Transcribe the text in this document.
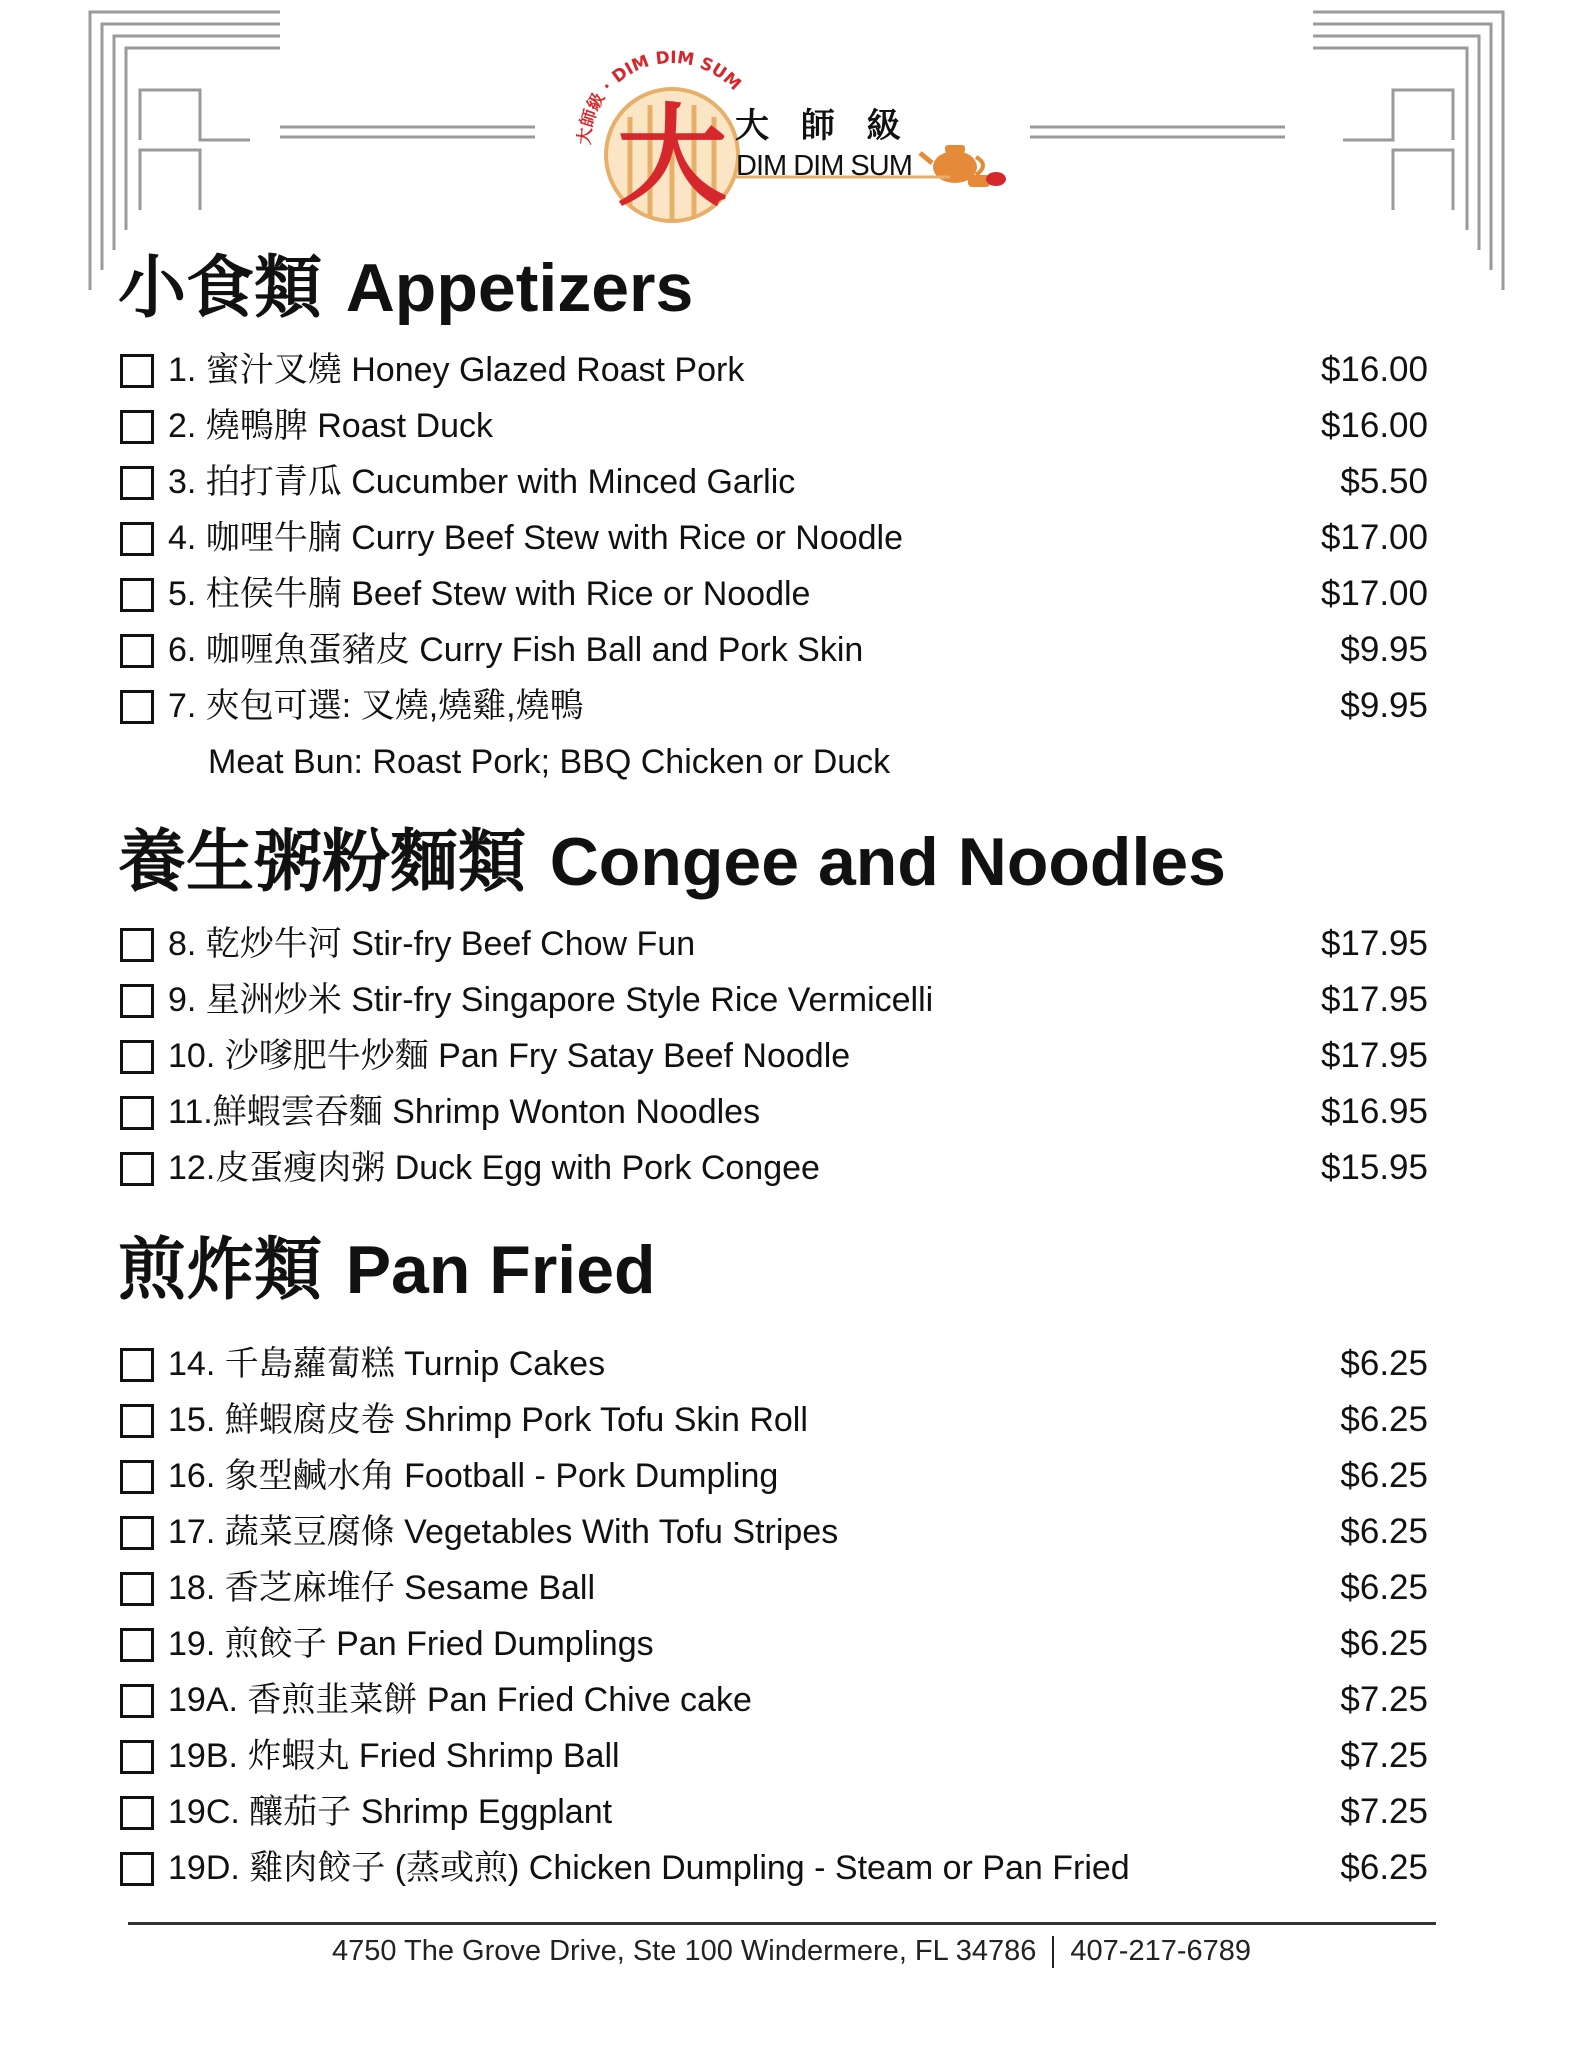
大
大師級 · DIM DIM SUM
大 師 級
DIM DIM SUM
小食類 Appetizers
1. 蜜汁叉燒 Honey Glazed Roast Pork	$16.00
2. 燒鴨脾 Roast Duck	$16.00
3. 拍打青瓜 Cucumber with Minced Garlic	$5.50
4. 咖哩牛腩 Curry Beef Stew with Rice or Noodle	$17.00
5. 柱侯牛腩 Beef Stew with Rice or Noodle	$17.00
6. 咖喱魚蛋豬皮 Curry Fish Ball and Pork Skin	$9.95
7. 夾包可選: 叉燒,燒雞,燒鴨	$9.95
Meat Bun: Roast Pork; BBQ Chicken or Duck
養生粥粉麵類 Congee and Noodles
8. 乾炒牛河 Stir-fry Beef Chow Fun	$17.95
9. 星洲炒米 Stir-fry Singapore Style Rice Vermicelli	$17.95
10. 沙嗲肥牛炒麵 Pan Fry Satay Beef Noodle	$17.95
11.鮮蝦雲吞麵 Shrimp Wonton Noodles	$16.95
12.皮蛋瘦肉粥 Duck Egg with Pork Congee	$15.95
煎炸類 Pan Fried
14. 千島蘿蔔糕 Turnip Cakes	$6.25
15. 鮮蝦腐皮卷 Shrimp Pork Tofu Skin Roll	$6.25
16. 象型鹹水角 Football - Pork Dumpling	$6.25
17. 蔬菜豆腐條 Vegetables With Tofu Stripes	$6.25
18. 香芝麻堆仔 Sesame Ball	$6.25
19. 煎餃子 Pan Fried Dumplings	$6.25
19A. 香煎韭菜餅 Pan Fried Chive cake	$7.25
19B. 炸蝦丸 Fried Shrimp Ball	$7.25
19C. 釀茄子 Shrimp Eggplant	$7.25
19D. 雞肉餃子 (蒸或煎) Chicken Dumpling - Steam or Pan Fried	$6.25
4750 The Grove Drive, Ste 100 Windermere, FL 34786 407-217-6789
